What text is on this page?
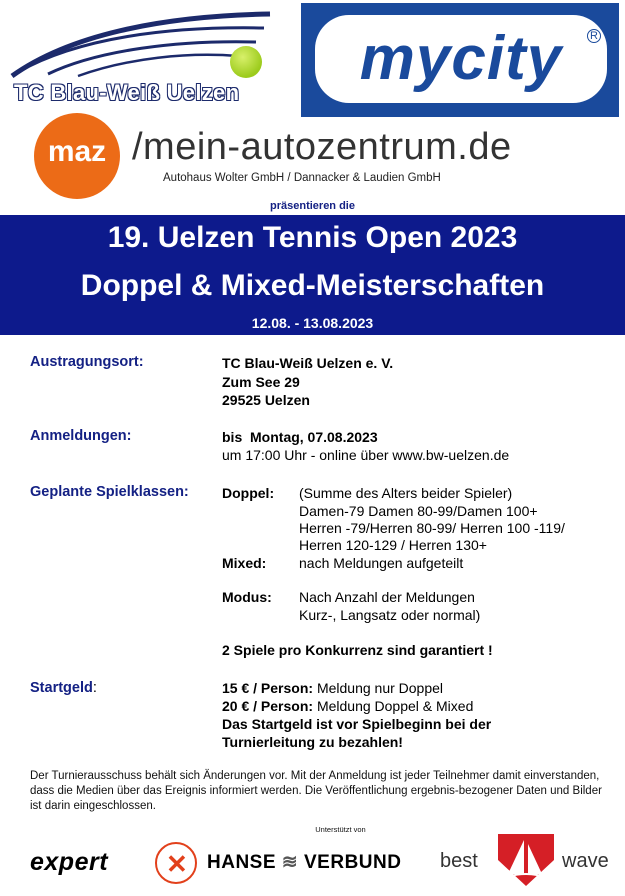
TC Blau-Weiß Uelzen	mycity	R
maz /mein-autozentrum.de
Autohaus Wolter GmbH / Dannacker & Laudien GmbH
präsentieren die
19. Uelzen Tennis Open 2023
Doppel & Mixed-Meisterschaften
12.08. - 13.08.2023
Austragungsort:	TC Blau-Weiß Uelzen e. V.
Zum See 29
29525 Uelzen
Anmeldungen:	bis Montag, 07.08.2023
um 17:00 Uhr - online über www.bw-uelzen.de
Geplante Spielklassen: Doppel: (Summe des Alters beider Spieler)
Damen-79 Damen 80-99/Damen 100+
Herren -79/Herren 80-99/ Herren 100 -119/
Herren 120-129 / Herren 130+
Mixed: nach Meldungen aufgeteilt
Modus: Nach Anzahl der Meldungen
Kurz-, Langsatz oder normal)
2 Spiele pro Konkurrenz sind garantiert !
Startgeld:	15 € / Person: Meldung nur Doppel
20 € / Person: Meldung Doppel & Mixed
Das Startgeld ist vor Spielbeginn bei der
Turnierleitung zu bezahlen!
Der Turnierausschuss behält sich Änderungen vor. Mit der Anmeldung ist jeder Teilnehmer damit einverstanden, dass die Medien über das Ereignis informiert werden. Die Veröffentlichung ergebnis-bezogener Daten und Bilder ist darin eingeschlossen.
Unterstützt von
expert ✕ HANSE ≋ VERBUND best	wave
